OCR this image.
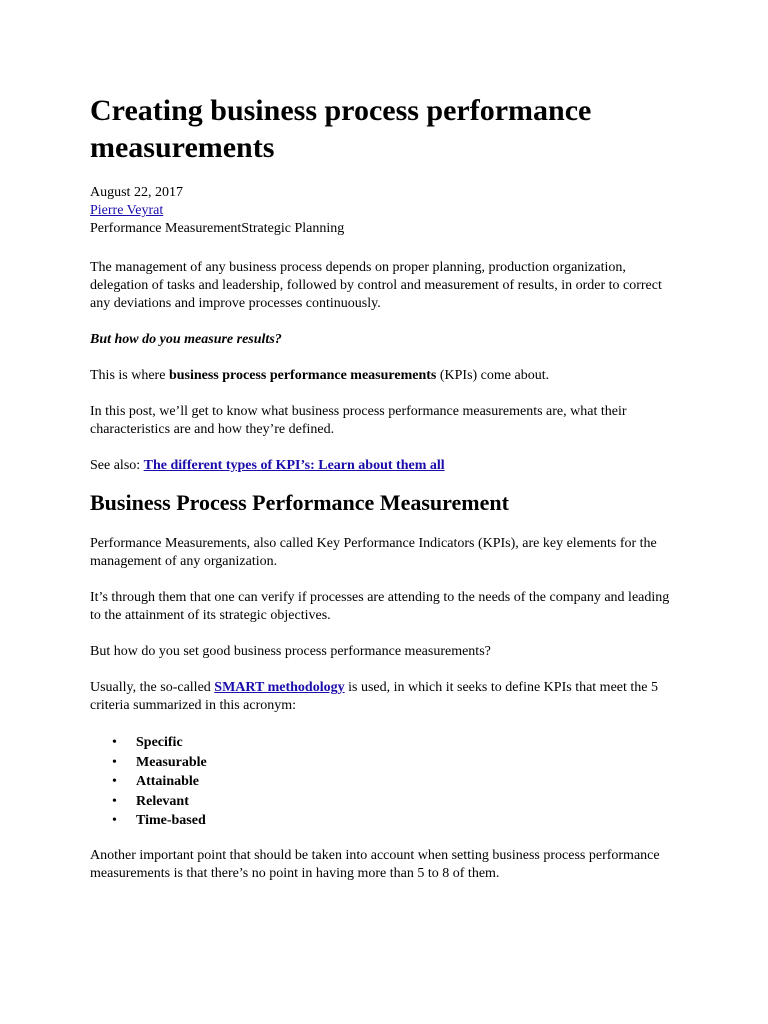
Creating business process performance measurements
August 22, 2017
Pierre Veyrat
Performance MeasurementStrategic Planning

The management of any business process depends on proper planning, production organization, delegation of tasks and leadership, followed by control and measurement of results, in order to correct any deviations and improve processes continuously.

But how do you measure results?

This is where business process performance measurements (KPIs) come about.

In this post, we’ll get to know what business process performance measurements are, what their characteristics are and how they’re defined.

See also: The different types of KPI’s: Learn about them all

Business Process Performance Measurement

Performance Measurements, also called Key Performance Indicators (KPIs), are key elements for the management of any organization.

It’s through them that one can verify if processes are attending to the needs of the company and leading to the attainment of its strategic objectives.

But how do you set good business process performance measurements?

Usually, the so-called SMART methodology is used, in which it seeks to define KPIs that meet the 5 criteria summarized in this acronym:

• Specific
• Measurable
• Attainable
• Relevant
• Time-based

Another important point that should be taken into account when setting business process performance measurements is that there’s no point in having more than 5 to 8 of them.
